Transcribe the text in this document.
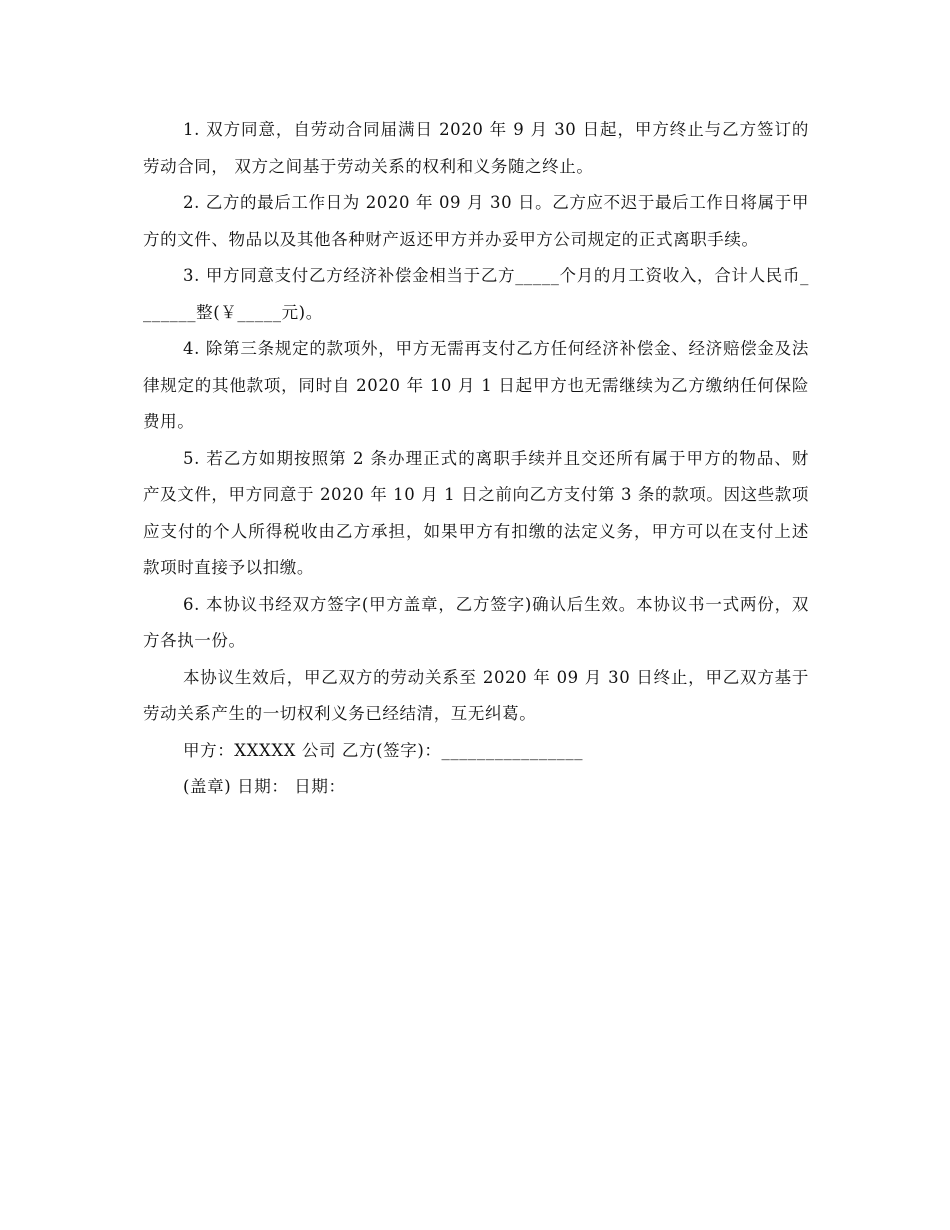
1. 双方同意，自劳动合同届满日 2020 年 9 月 30 日起，甲方终止与乙方签订的劳动合同， 双方之间基于劳动关系的权利和义务随之终止。

2. 乙方的最后工作日为 2020 年 09 月 30 日。乙方应不迟于最后工作日将属于甲方的文件、物品以及其他各种财产返还甲方并办妥甲方公司规定的正式离职手续。

3. 甲方同意支付乙方经济补偿金相当于乙方_____个月的月工资收入，合计人民币_______整(￥_____元)。

4. 除第三条规定的款项外，甲方无需再支付乙方任何经济补偿金、经济赔偿金及法律规定的其他款项，同时自 2020 年 10 月 1 日起甲方也无需继续为乙方缴纳任何保险费用。

5. 若乙方如期按照第 2 条办理正式的离职手续并且交还所有属于甲方的物品、财产及文件，甲方同意于 2020 年 10 月 1 日之前向乙方支付第 3 条的款项。因这些款项应支付的个人所得税收由乙方承担，如果甲方有扣缴的法定义务，甲方可以在支付上述款项时直接予以扣缴。

6. 本协议书经双方签字(甲方盖章，乙方签字)确认后生效。本协议书一式两份，双方各执一份。

本协议生效后，甲乙双方的劳动关系至 2020 年 09 月 30 日终止，甲乙双方基于劳动关系产生的一切权利义务已经结清，互无纠葛。

甲方：XXXXX 公司 乙方(签字)：________________

(盖章) 日期： 日期：
